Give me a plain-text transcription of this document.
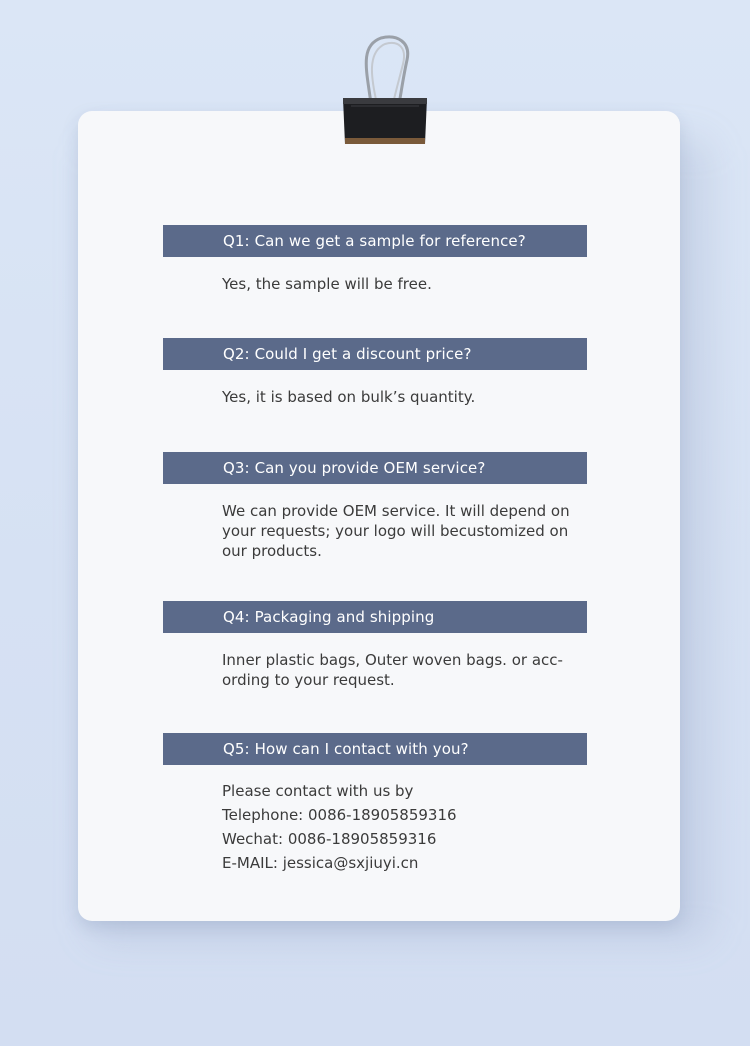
Q1: Can we get a sample for reference?
Yes, the sample will be free.
Q2: Could I get a discount price?
Yes, it is based on bulk’s quantity.
Q3: Can you provide OEM service?
We can provide OEM service. It will depend on
your requests; your logo will becustomized on
our products.
Q4: Packaging and shipping
Inner plastic bags, Outer woven bags. or acc-
ording to your request.
Q5: How can I contact with you?
Please contact with us by
Telephone: 0086-18905859316
Wechat: 0086-18905859316
E-MAIL: jessica@sxjiuyi.cn
